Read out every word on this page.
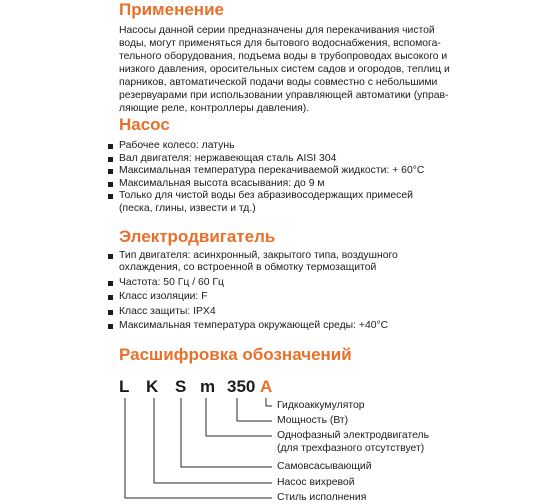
Применение

Насосы данной серии предназначены для перекачивания чистой воды, могут применяться для бытового водоснабжения, вспомога-тельного оборудования, подъема воды в трубопроводах высокого и низкого давления, оросительных систем садов и огородов, теплиц и парников, автоматической подачи воды совместно с небольшими резервуарами при использовании управляющей автоматики (управ-ляющие реле, контроллеры давления).

Насос
Рабочее колесо: латунь
Вал двигателя: нержавеющая сталь AISI 304
Максимальная температура перекачиваемой жидкости: + 60°С
Максимальная высота всасывания: до 9 м
Только для чистой воды без абразивосодержащих примесей (песка, глины, извести и тд.)
Электродвигатель
Тип двигателя: асинхронный, закрытого типа, воздушного охлаждения, со встроенной в обмотку термозащитой
Частота: 50 Гц / 60 Гц
Класс изоляции: F
Класс защиты: IPX4
Максимальная температура окружающей среды: +40°С
Расшифровка обозначений
L K S m 350 A
Гидкоаккумулятор
Мощность (Вт)
Однофазный электродвигатель
(для трехфазного отсутствует)
Самовсасывающий
Насос вихревой
Стиль исполнения
